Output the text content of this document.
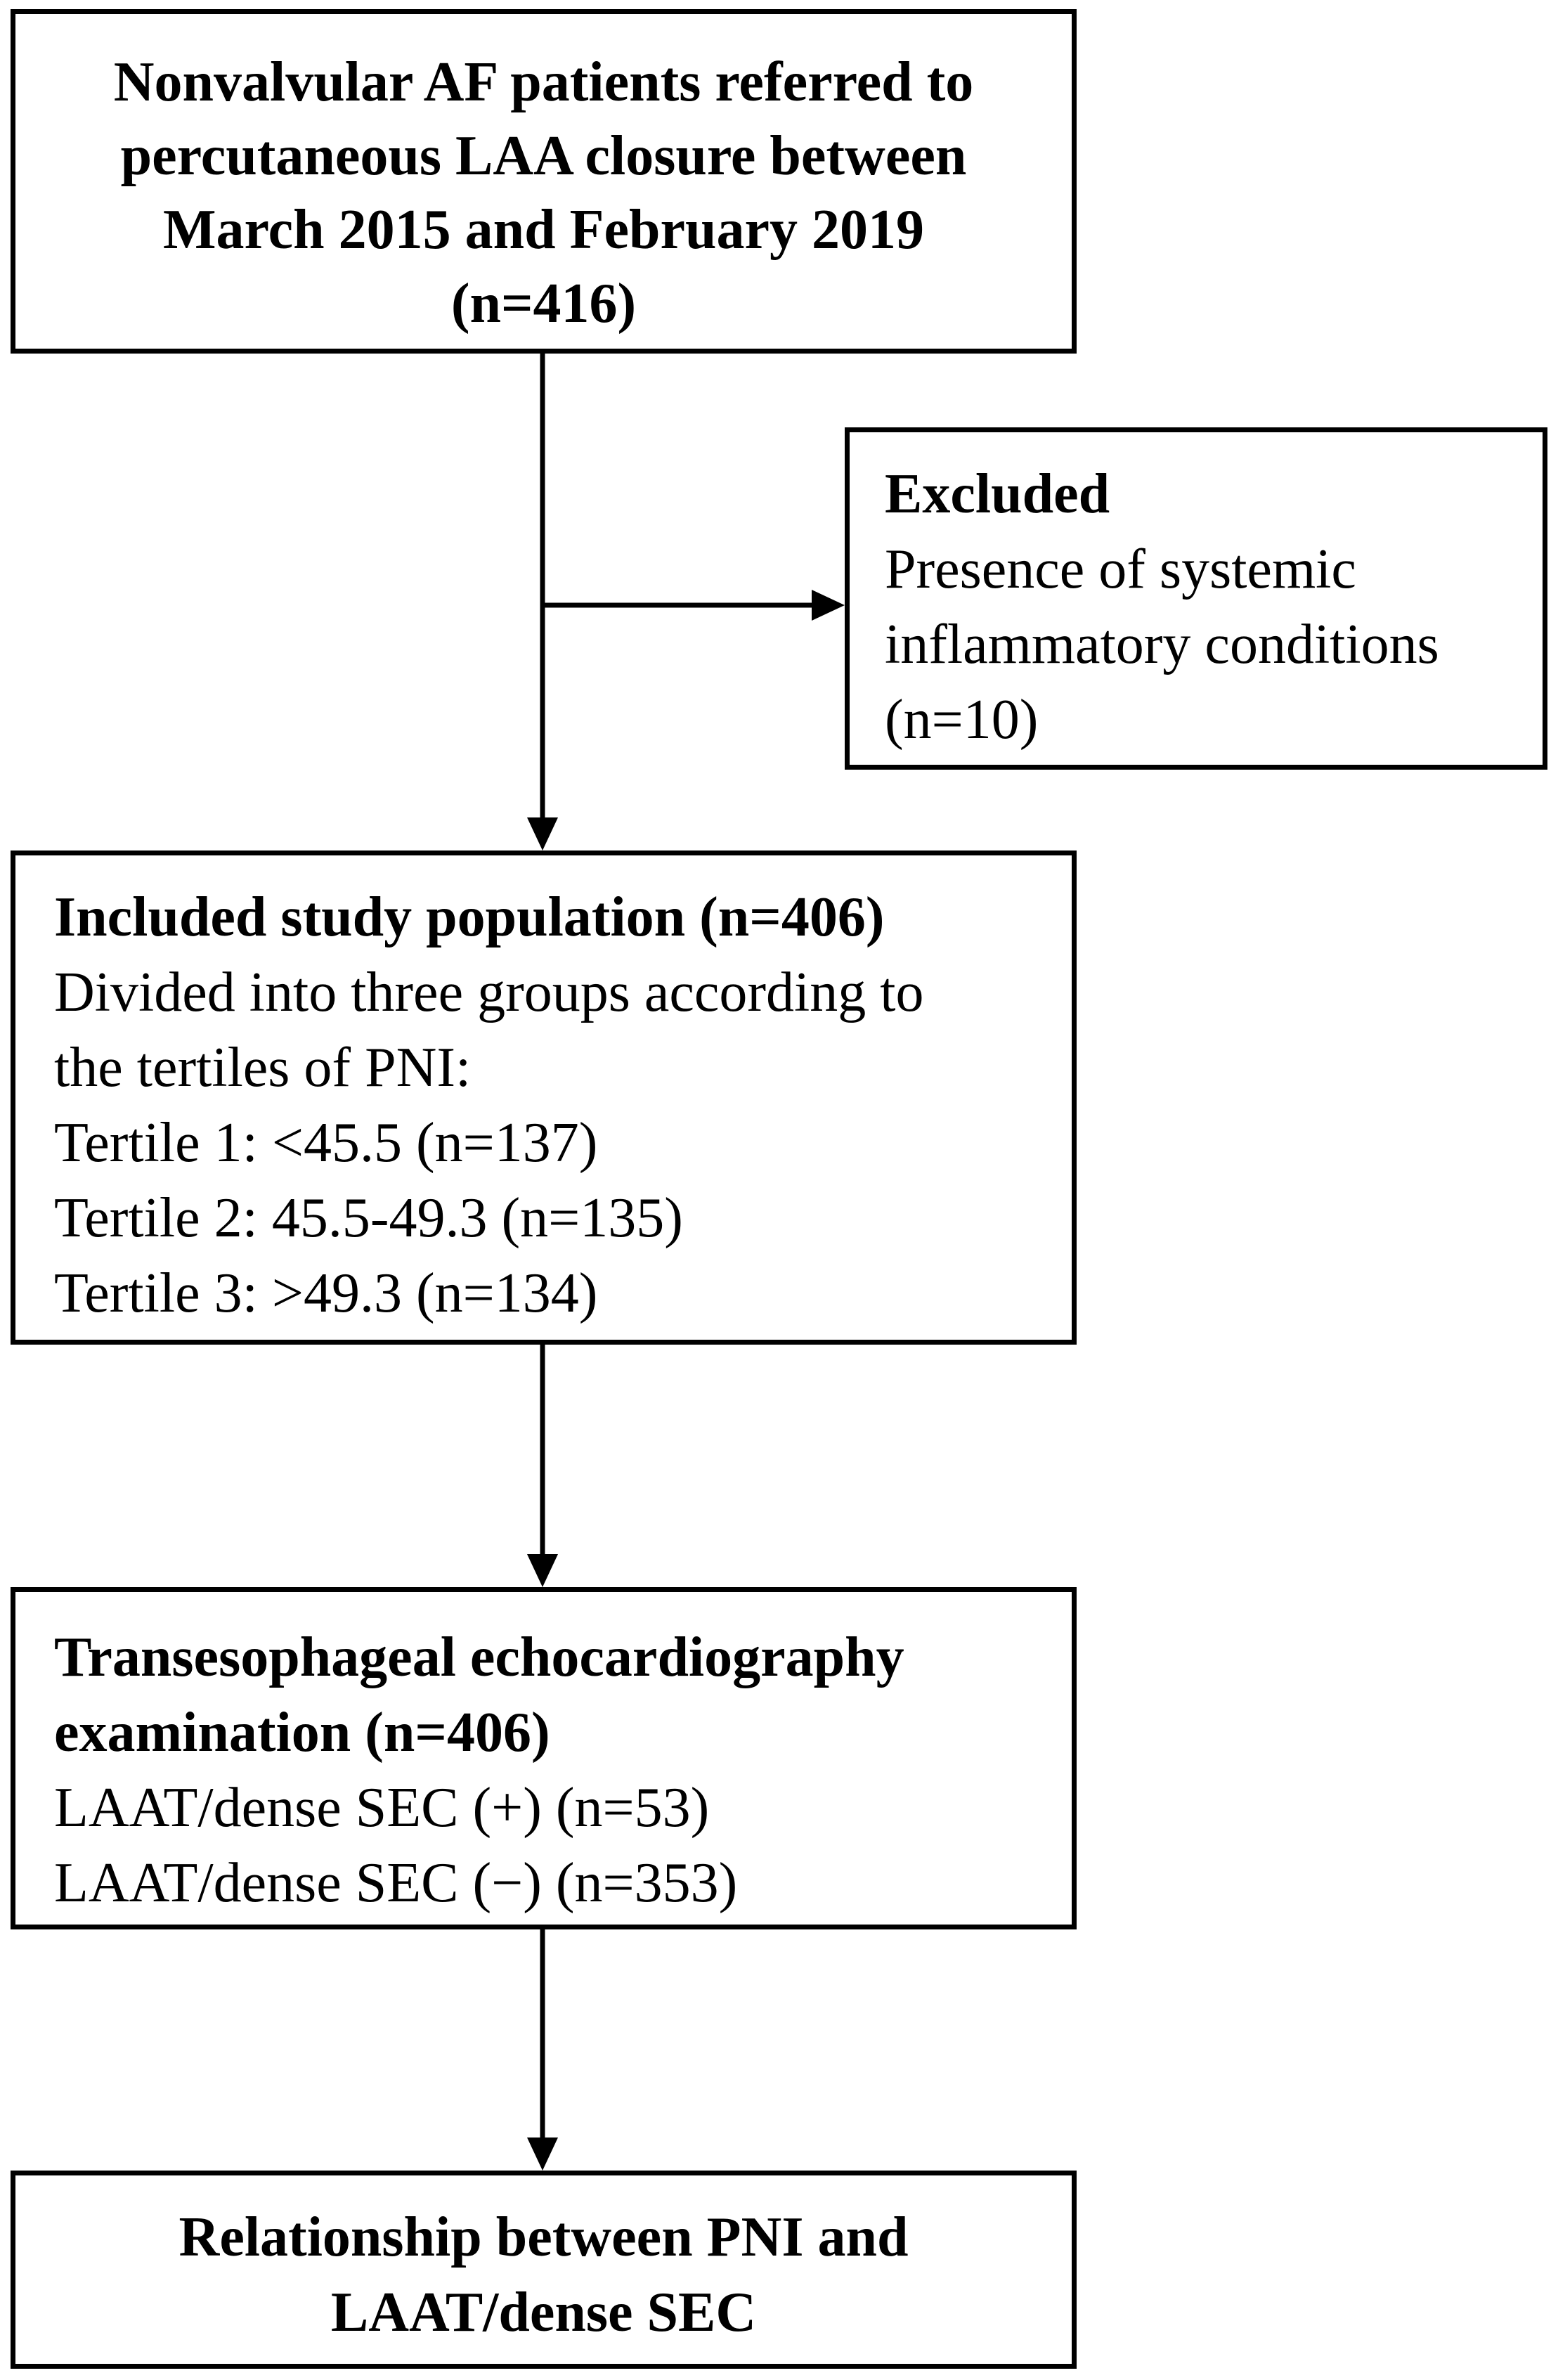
Nonvalvular AF patients referred to
percutaneous LAA closure between
March 2015 and February 2019
(n=416)
Excluded
Presence of systemic
inflammatory conditions
(n=10)
Included study population (n=406)
Divided into three groups according to
the tertiles of PNI:
Tertile 1: <45.5 (n=137)
Tertile 2: 45.5-49.3 (n=135)
Tertile 3: >49.3 (n=134)
Transesophageal echocardiography
examination (n=406)
LAAT/dense SEC (+) (n=53)
LAAT/dense SEC (−) (n=353)
Relationship between PNI and
LAAT/dense SEC
